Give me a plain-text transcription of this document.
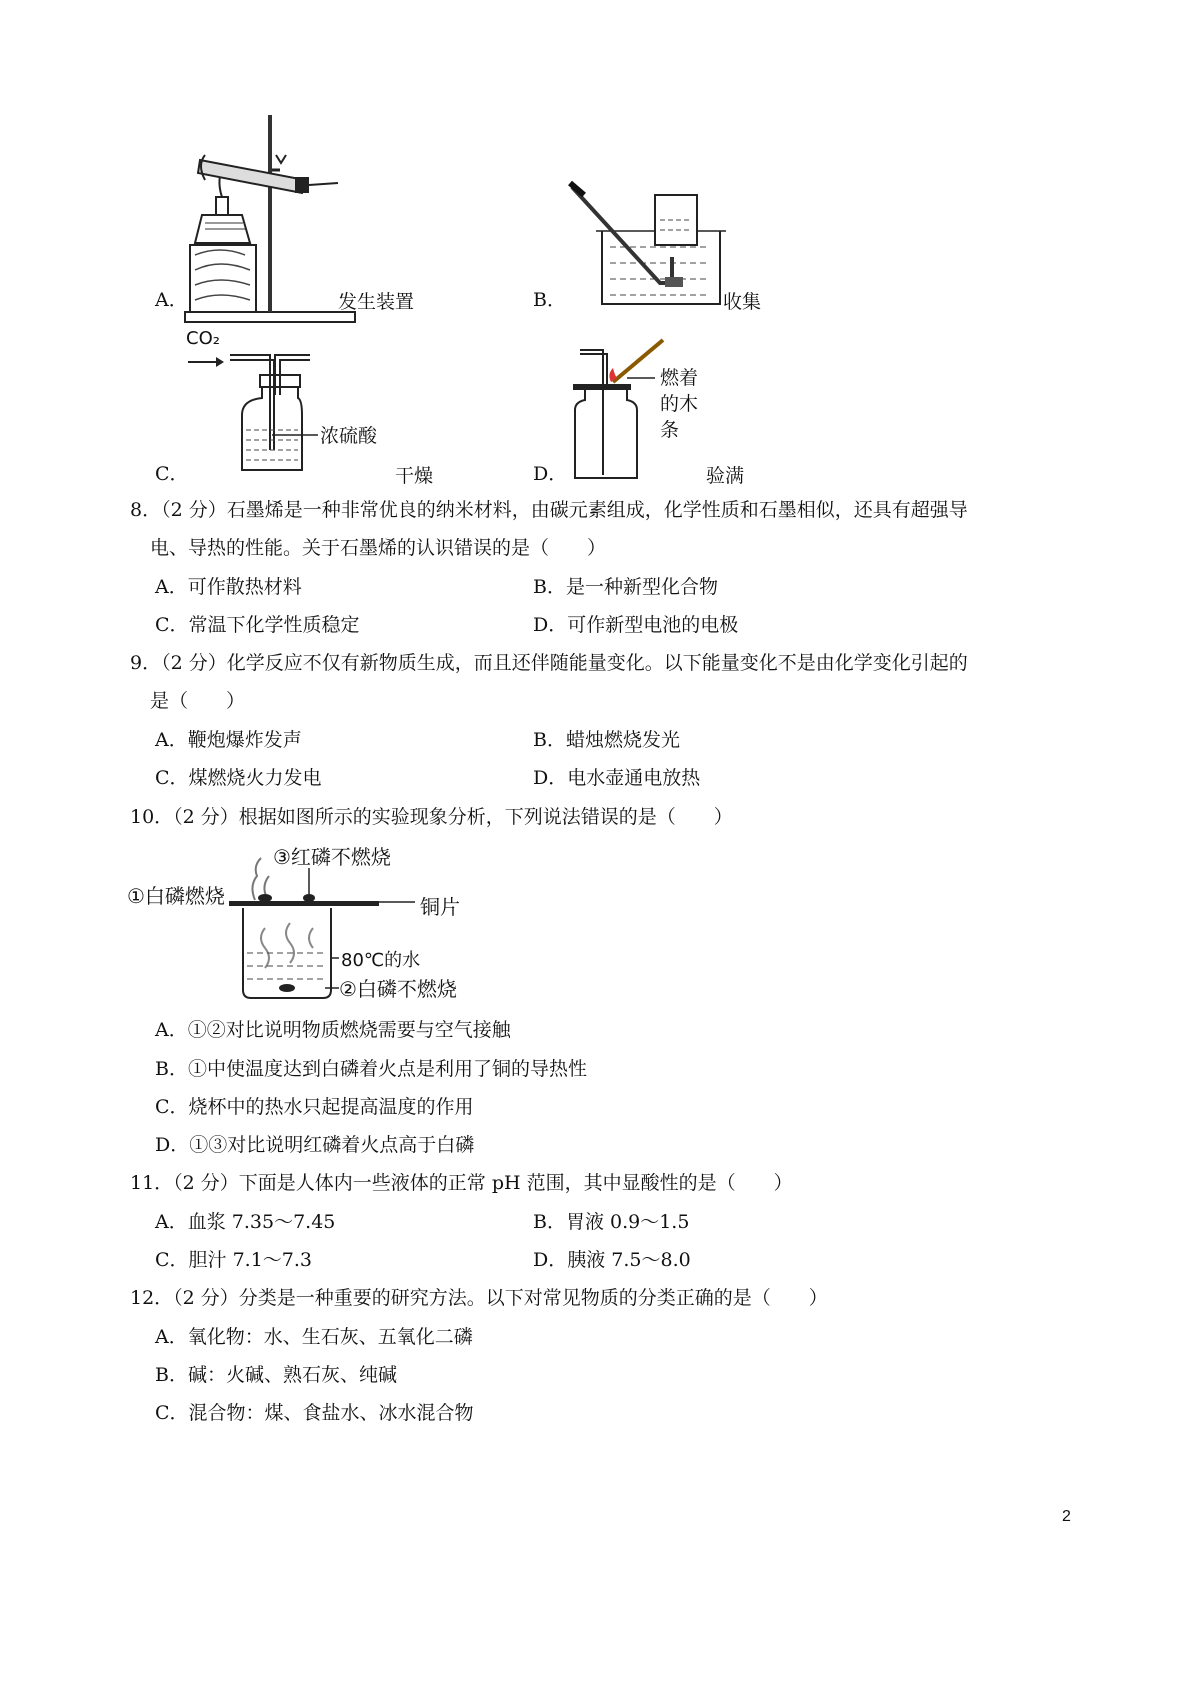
A．	发生装置	B．	收集
CO₂
浓硫酸
C．	干燥
燃着
的木
条
D．	验满
8．（2 分）石墨烯是一种非常优良的纳米材料，由碳元素组成，化学性质和石墨相似，还具有超强导
电、导热的性能。关于石墨烯的认识错误的是（　　）
A．可作散热材料	B．是一种新型化合物
C．常温下化学性质稳定	D．可作新型电池的电极
9．（2 分）化学反应不仅有新物质生成，而且还伴随能量变化。以下能量变化不是由化学变化引起的
是（　　）
A．鞭炮爆炸发声	B．蜡烛燃烧发光
C．煤燃烧火力发电	D．电水壶通电放热
10．（2 分）根据如图所示的实验现象分析，下列说法错误的是（　　）
③红磷不燃烧
①白磷燃烧	铜片
80℃的水
②白磷不燃烧
A．①②对比说明物质燃烧需要与空气接触
B．①中使温度达到白磷着火点是利用了铜的导热性
C．烧杯中的热水只起提高温度的作用
D．①③对比说明红磷着火点高于白磷
11．（2 分）下面是人体内一些液体的正常 pH 范围，其中显酸性的是（　　）
A．血浆 7.35～7.45	B．胃液 0.9～1.5
C．胆汁 7.1～7.3	D．胰液 7.5～8.0
12．（2 分）分类是一种重要的研究方法。以下对常见物质的分类正确的是（　　）
A．氧化物：水、生石灰、五氧化二磷
B．碱：火碱、熟石灰、纯碱
C．混合物：煤、食盐水、冰水混合物
2
